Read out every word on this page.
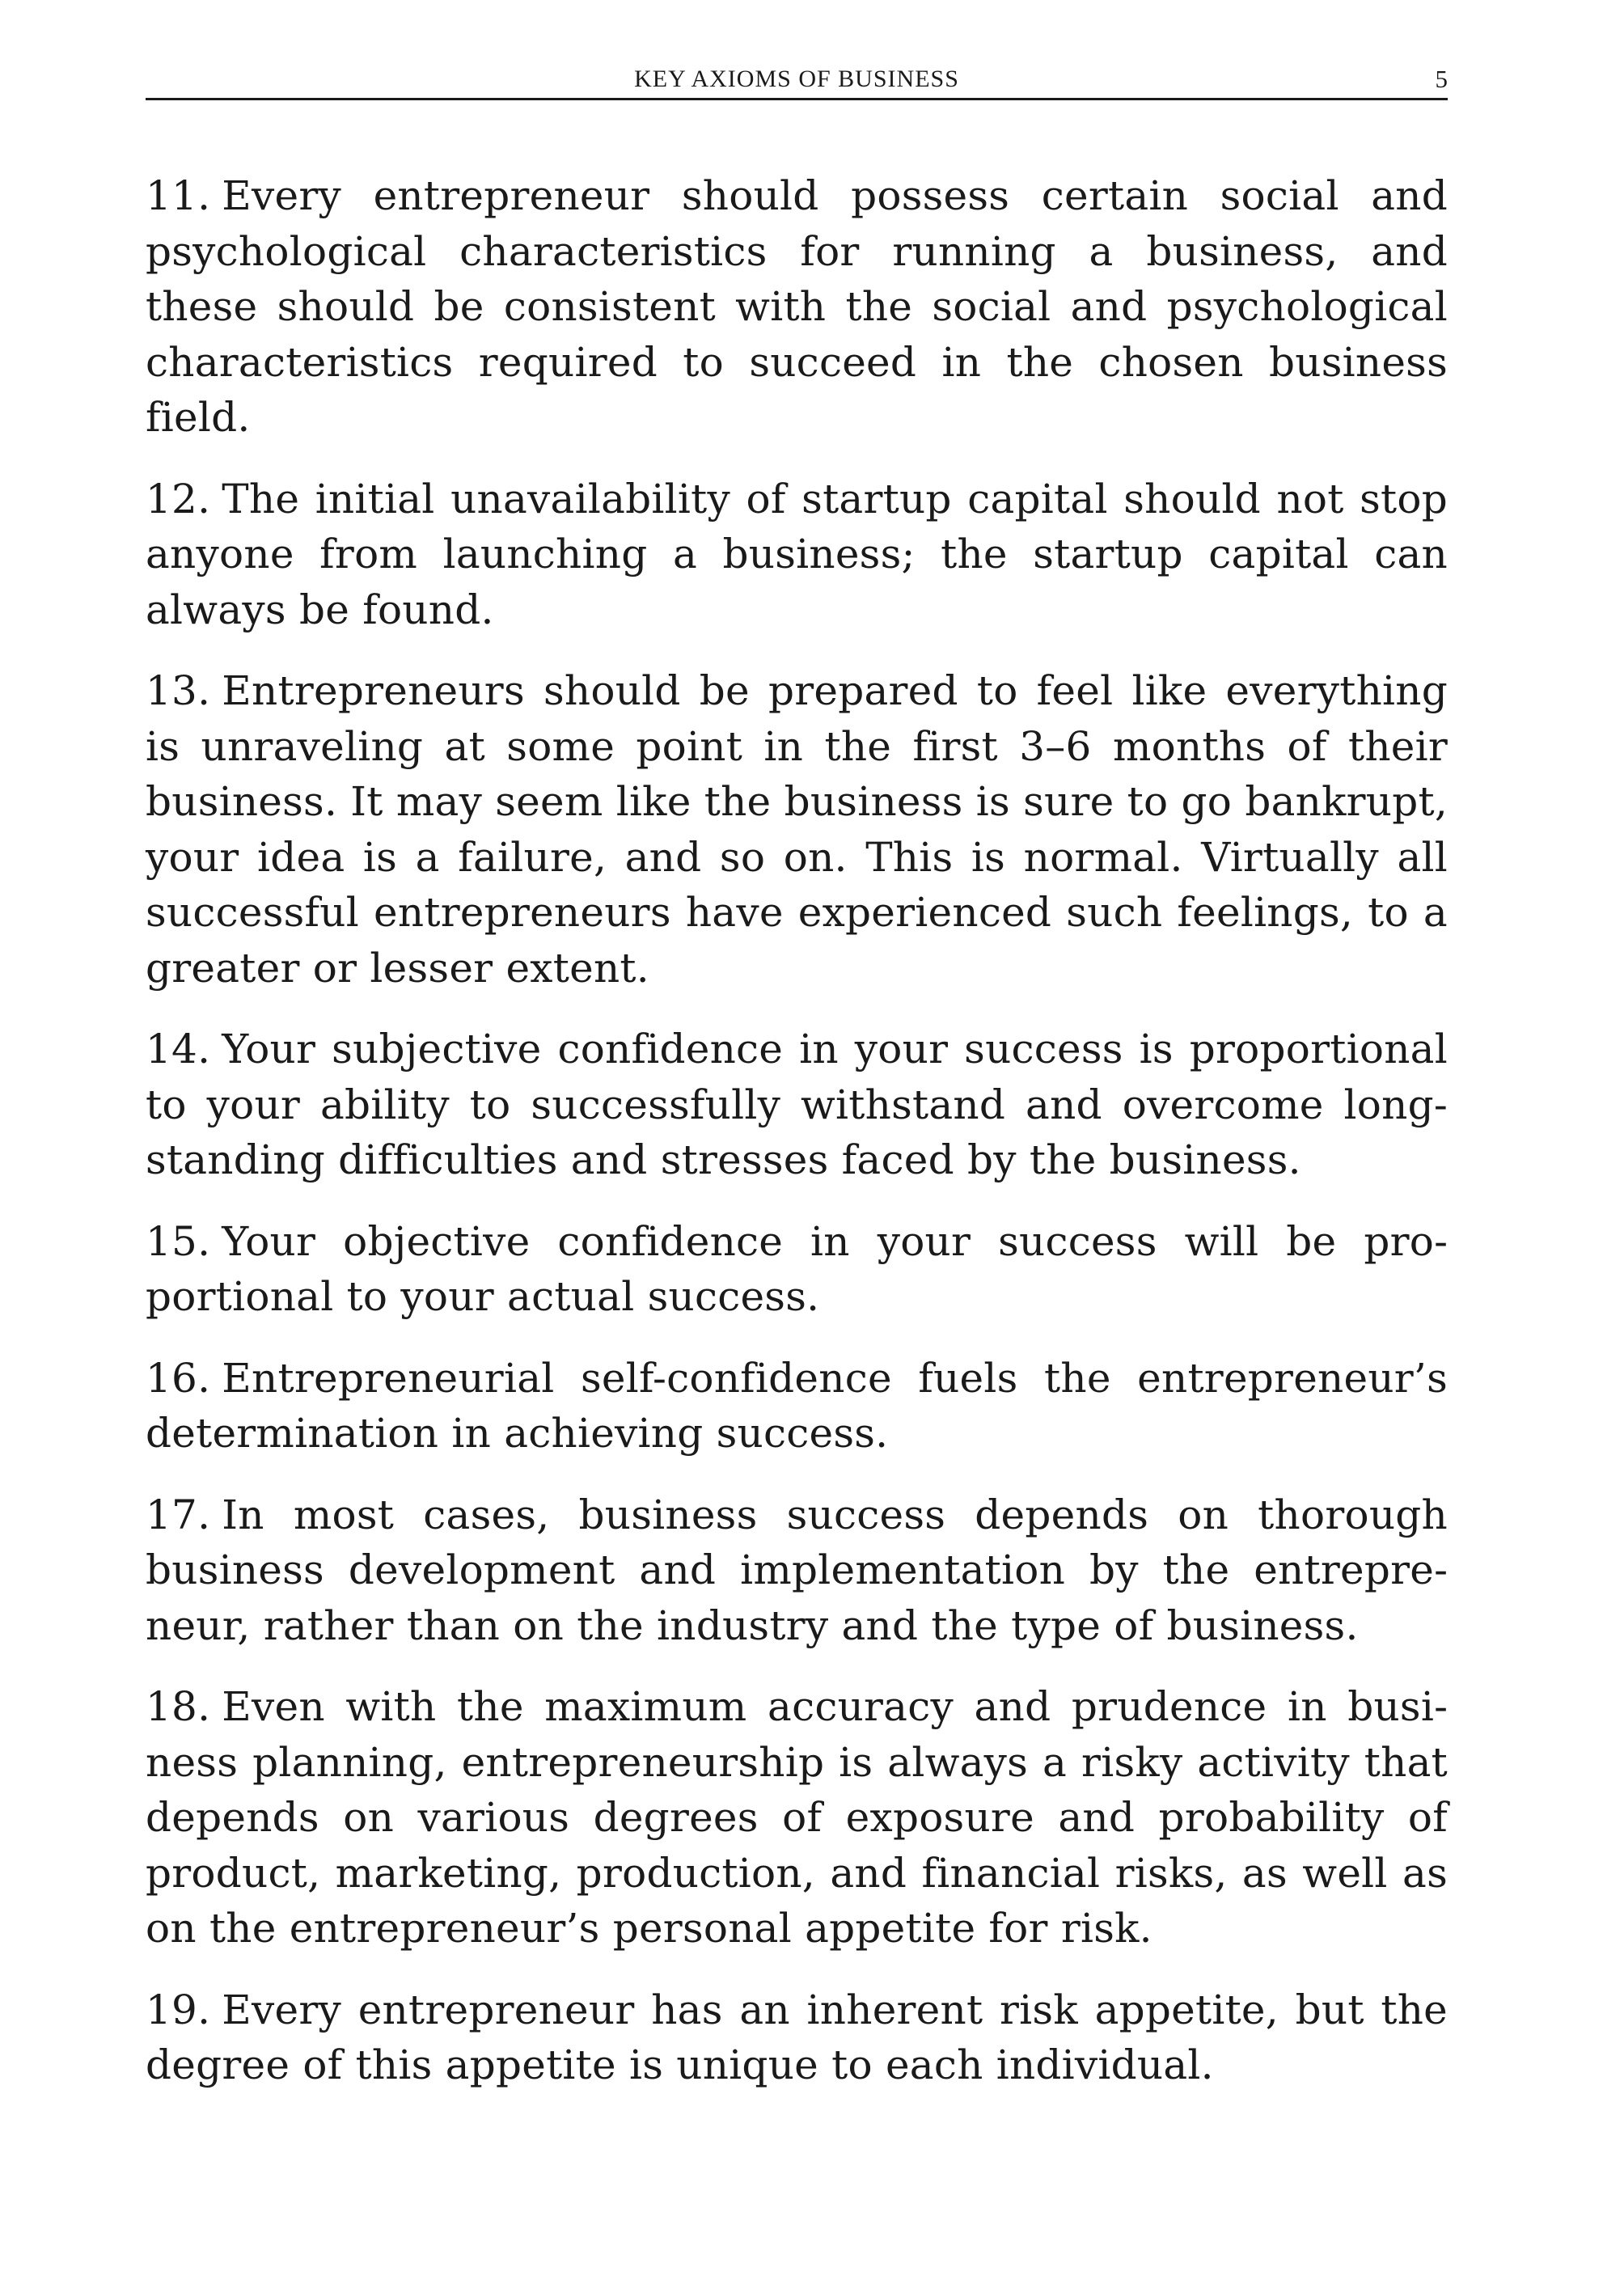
KEY AXIOMS OF BUSINESS	5

11. Every entrepreneur should possess certain social and psychological characteristics for running a business, and these should be consistent with the social and psychological characteristics required to succeed in the chosen business field.

12. The initial unavailability of startup capital should not stop anyone from launching a business; the startup capital can always be found.

13. Entrepreneurs should be prepared to feel like everything is unraveling at some point in the first 3–6 months of their business. It may seem like the business is sure to go bankrupt, your idea is a failure, and so on. This is normal. Virtually all successful entrepreneurs have experienced such feelings, to a greater or lesser extent.

14. Your subjective confidence in your success is proportional to your ability to successfully withstand and overcome long-standing difficulties and stresses faced by the business.

15. Your objective confidence in your success will be proportional to your actual success.

16. Entrepreneurial self-confidence fuels the entrepreneur’s determination in achieving success.

17. In most cases, business success depends on thorough business development and implementation by the entrepreneur, rather than on the industry and the type of business.

18. Even with the maximum accuracy and prudence in business planning, entrepreneurship is always a risky activity that depends on various degrees of exposure and probability of product, marketing, production, and financial risks, as well as on the entrepreneur’s personal appetite for risk.

19. Every entrepreneur has an inherent risk appetite, but the degree of this appetite is unique to each individual.
